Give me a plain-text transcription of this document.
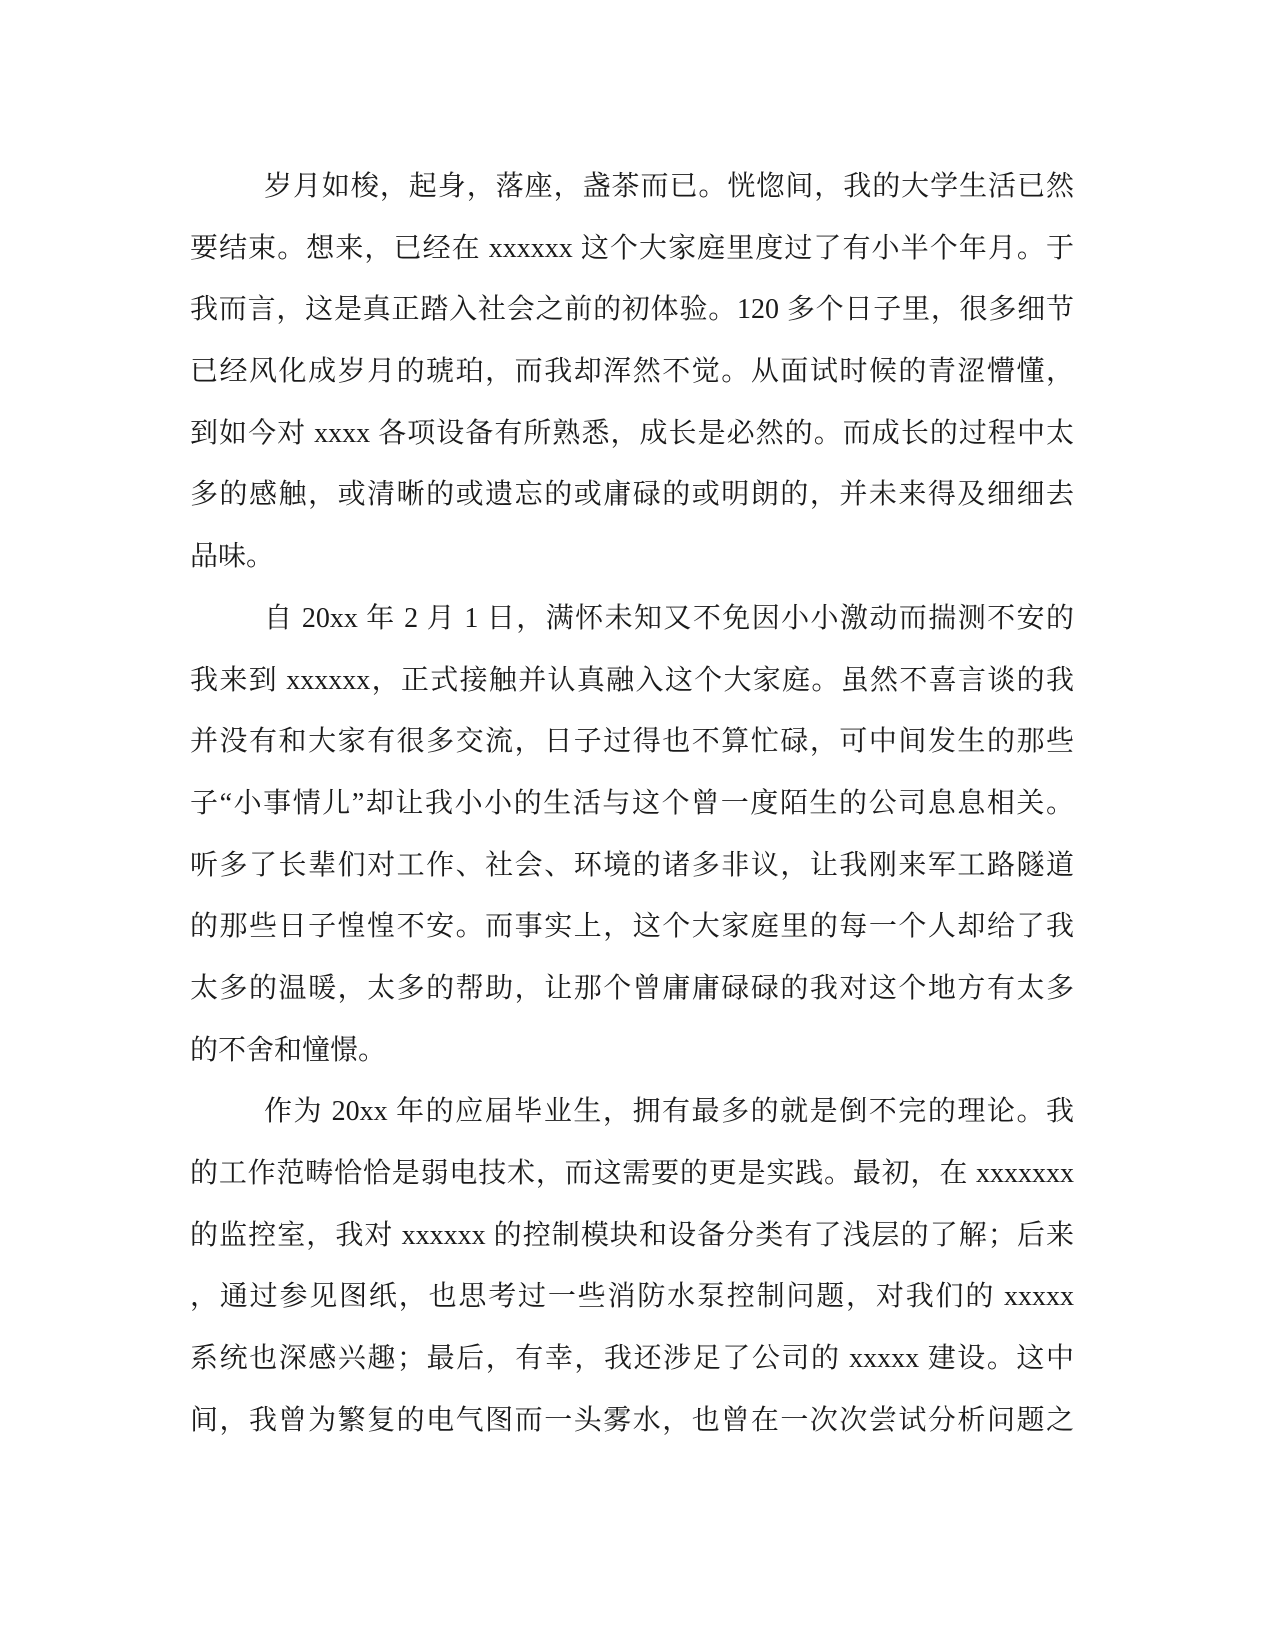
岁月如梭，起身，落座，盏茶而已。恍惚间，我的大学生活已然
要结束。想来，已经在 xxxxxx 这个大家庭里度过了有小半个年月。于
我而言，这是真正踏入社会之前的初体验。120 多个日子里，很多细节
已经风化成岁月的琥珀，而我却浑然不觉。从面试时候的青涩懵懂，
到如今对 xxxx 各项设备有所熟悉，成长是必然的。而成长的过程中太
多的感触，或清晰的或遗忘的或庸碌的或明朗的，并未来得及细细去
品味。
自 20xx 年 2 月 1 日，满怀未知又不免因小小激动而揣测不安的
我来到 xxxxxx，正式接触并认真融入这个大家庭。虽然不喜言谈的我
并没有和大家有很多交流，日子过得也不算忙碌，可中间发生的那些
子“小事情儿”却让我小小的生活与这个曾一度陌生的公司息息相关。
听多了长辈们对工作、社会、环境的诸多非议，让我刚来军工路隧道
的那些日子惶惶不安。而事实上，这个大家庭里的每一个人却给了我
太多的温暖，太多的帮助，让那个曾庸庸碌碌的我对这个地方有太多
的不舍和憧憬。
作为 20xx 年的应届毕业生，拥有最多的就是倒不完的理论。我
的工作范畴恰恰是弱电技术，而这需要的更是实践。最初，在 xxxxxxx
的监控室，我对 xxxxxx 的控制模块和设备分类有了浅层的了解；后来
，通过参见图纸，也思考过一些消防水泵控制问题，对我们的 xxxxx
系统也深感兴趣；最后，有幸，我还涉足了公司的 xxxxx 建设。这中
间，我曾为繁复的电气图而一头雾水，也曾在一次次尝试分析问题之
